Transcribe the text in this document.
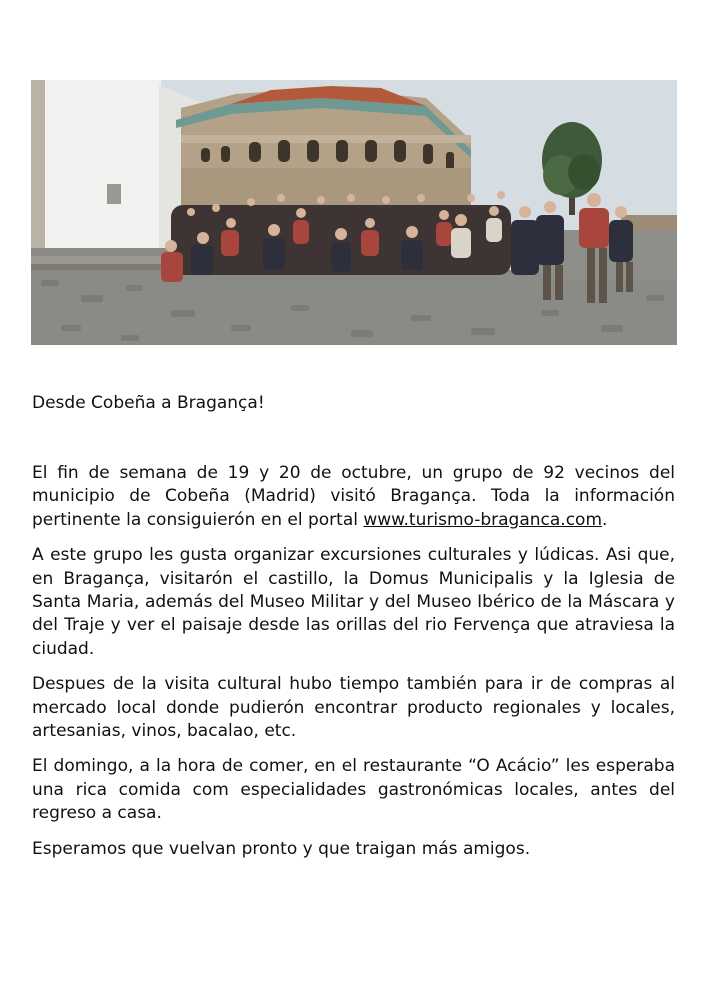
Desde Cobeña a Bragança!

El fin de semana de 19 y 20 de octubre, un grupo de 92 vecinos del municipio de Cobeña (Madrid) visitó Bragança. Toda la información pertinente la consiguierón en el portal www.turismo-braganca.com.

A este grupo les gusta organizar excursiones culturales y lúdicas. Asi que, en Bragança, visitarón el castillo, la Domus Municipalis y la Iglesia de Santa Maria, además del Museo Militar y del Museo Ibérico de la Máscara y del Traje y ver el paisaje desde las orillas del rio Fervença que atraviesa la ciudad.

Despues de la visita cultural hubo tiempo también para ir de compras al mercado local donde pudierón encontrar producto regionales y locales, artesanias, vinos, bacalao, etc.

El domingo, a la hora de comer, en el restaurante “O Acácio” les esperaba una rica comida com especialidades gastronómicas locales, antes del regreso a casa.

Esperamos que vuelvan pronto y que traigan más amigos.
